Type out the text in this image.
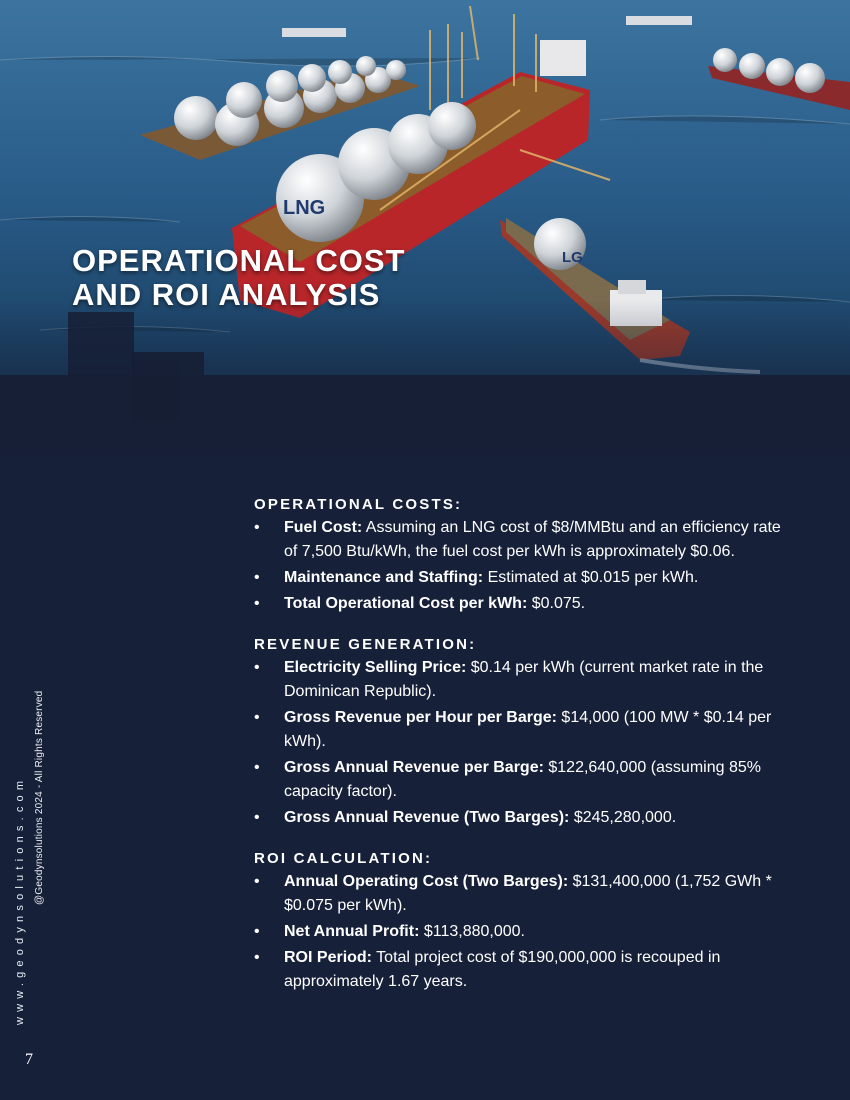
LNG
LG
OPERATIONAL COST
AND ROI ANALYSIS
OPERATIONAL COSTS:
• Fuel Cost: Assuming an LNG cost of $8/MMBtu and an efficiency rate of 7,500 Btu/kWh, the fuel cost per kWh is approximately $0.06.
• Maintenance and Staffing: Estimated at $0.015 per kWh.
• Total Operational Cost per kWh: $0.075.
REVENUE GENERATION:
• Electricity Selling Price: $0.14 per kWh (current market rate in the Dominican Republic).
• Gross Revenue per Hour per Barge: $14,000 (100 MW * $0.14 per kWh).
• Gross Annual Revenue per Barge: $122,640,000 (assuming 85% capacity factor).
• Gross Annual Revenue (Two Barges): $245,280,000.
ROI CALCULATION:
• Annual Operating Cost (Two Barges): $131,400,000 (1,752 GWh * $0.075 per kWh).
• Net Annual Profit: $113,880,000.
• ROI Period: Total project cost of $190,000,000 is recouped in approximately 1.67 years.
www.geodynsolutions.com @Geodynsolutions 2024 - All Rights Reserved
7
